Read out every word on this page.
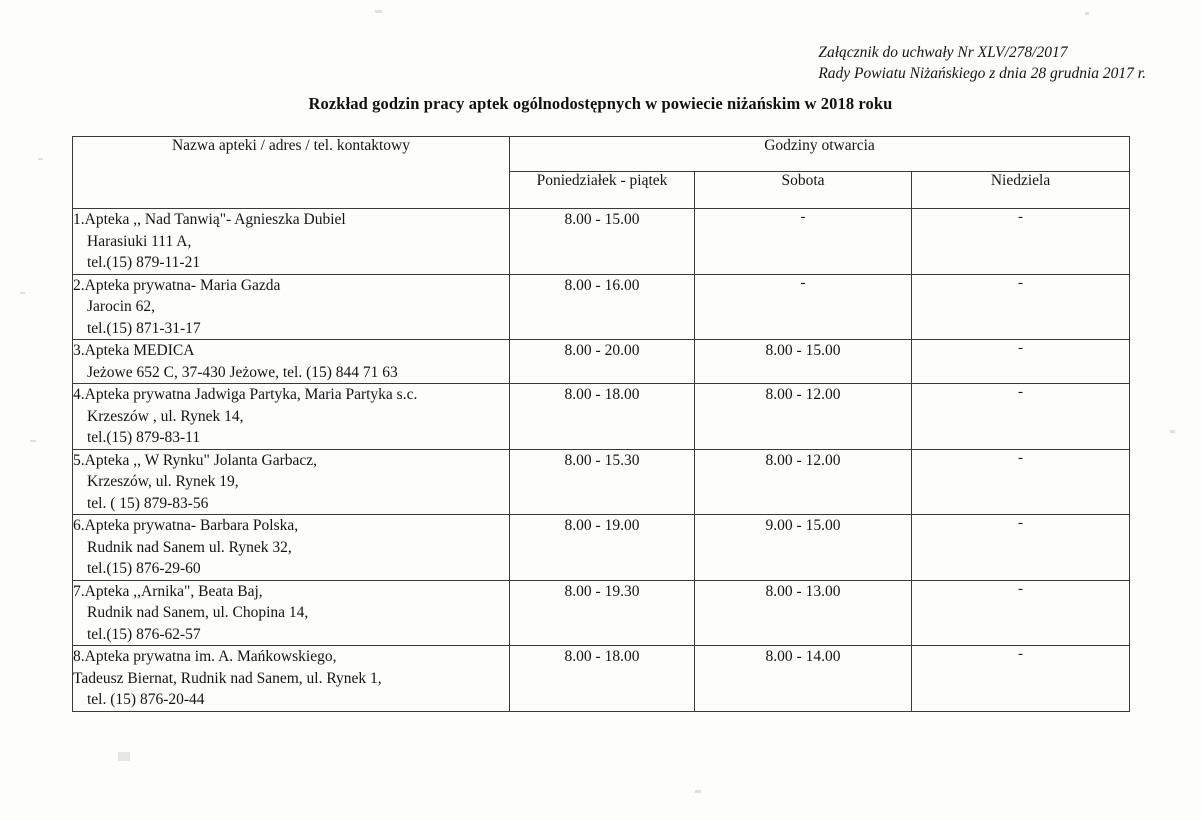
Załącznik do uchwały Nr XLV/278/2017
Rady Powiatu Niżańskiego z dnia 28 grudnia 2017 r.
Rozkład godzin pracy aptek ogólnodostępnych w powiecie niżańskim w 2018 roku
Nazwa apteki / adres / tel. kontaktowy	Godziny otwarcia		
	Poniedziałek - piątek	Sobota	Niedziela

1.Apteka ,, Nad Tanwią"- Agnieszka Dubiel
Harasiuki 111 A,
tel.(15) 879-11-21	8.00 - 15.00	-	-

2.Apteka prywatna- Maria Gazda
Jarocin 62,
tel.(15) 871-31-17	8.00 - 16.00	-	-

3.Apteka MEDICA
Jeżowe 652 C, 37-430 Jeżowe, tel. (15) 844 71 63	8.00 - 20.00	8.00 - 15.00	-

4.Apteka prywatna Jadwiga Partyka, Maria Partyka s.c.
Krzeszów , ul. Rynek 14,
tel.(15) 879-83-11	8.00 - 18.00	8.00 - 12.00	-

5.Apteka ,, W Rynku" Jolanta Garbacz,
Krzeszów, ul. Rynek 19,
tel. ( 15) 879-83-56	8.00 - 15.30	8.00 - 12.00	-

6.Apteka prywatna- Barbara Polska,
Rudnik nad Sanem ul. Rynek 32,
tel.(15) 876-29-60	8.00 - 19.00	9.00 - 15.00	-

7.Apteka ,,Arnika", Beata Baj,
Rudnik nad Sanem, ul. Chopina 14,
tel.(15) 876-62-57	8.00 - 19.30	8.00 - 13.00	-

8.Apteka prywatna im. A. Mańkowskiego,
Tadeusz Biernat, Rudnik nad Sanem, ul. Rynek 1,
tel. (15) 876-20-44	8.00 - 18.00	8.00 - 14.00	-
